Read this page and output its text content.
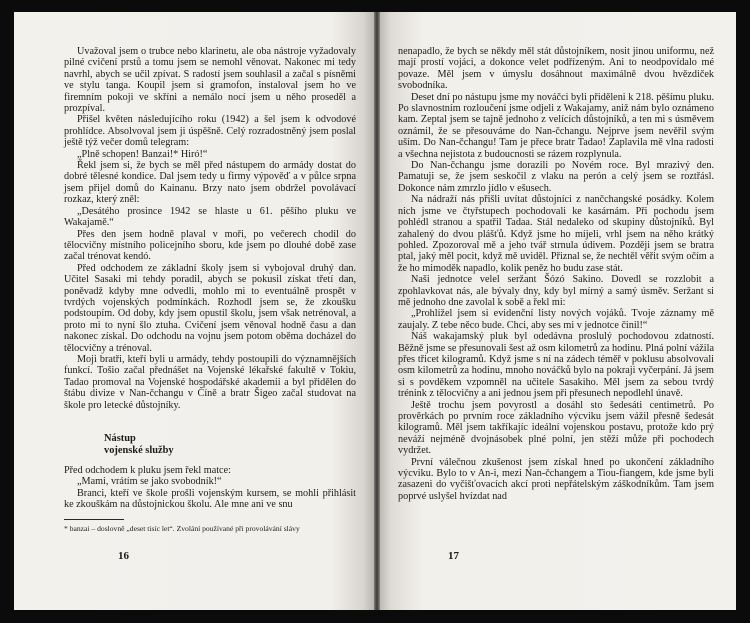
Uvažoval jsem o trubce nebo klarinetu, ale oba nástroje vyžadovaly pilné cvičení prstů a tomu jsem se nemohl věnovat. Nakonec mi tedy navrhl, abych se učil zpívat. S radostí jsem souhlasil a začal s písněmi ve stylu tanga. Koupil jsem si gramofon, instaloval jsem ho ve firemním pokoji ve skříni a nemálo nocí jsem u něho proseděl a prozpíval.

Přišel květen následujícího roku (1942) a šel jsem k odvodové prohlídce. Absolvoval jsem ji úspěšně. Celý rozradostněný jsem poslal ještě týž večer domů telegram:

„Plně schopen! Banzai!* Hiró!“

Řekl jsem si, že bych se měl před nástupem do armády dostat do dobré tělesné kondice. Dal jsem tedy u firmy výpověď a v půlce srpna jsem přijel domů do Kainanu. Brzy nato jsem obdržel povolávací rozkaz, který zněl:

„Desátého prosince 1942 se hlaste u 61. pěšího pluku ve Wakajamě.“

Přes den jsem hodně plaval v moři, po večerech chodil do tělocvičny místního policejního sboru, kde jsem po dlouhé době zase začal trénovat kendó.

Před odchodem ze základní školy jsem si vybojoval druhý dan. Učitel Sasaki mi tehdy poradil, abych se pokusil získat třetí dan, poněvadž kdyby mne odvedli, mohlo mi to eventuálně prospět v tvrdých vojenských podmínkách. Rozhodl jsem se, že zkoušku podstoupím. Od doby, kdy jsem opustil školu, jsem však netrénoval, a proto mi to nyní šlo ztuha. Cvičení jsem věnoval hodně času a dan nakonec získal. Do odchodu na vojnu jsem potom oběma docházel do tělocvičny a trénoval.

Moji bratři, kteří byli u armády, tehdy postoupili do významnějších funkcí. Tošio začal přednášet na Vojenské lékařské fakultě v Tokiu, Tadao promoval na Vojenské hospodářské akademii a byl přidělen do štábu divize v Nan-čchangu v Číně a bratr Šigeo začal studovat na škole pro letecké důstojníky.

Nástup
vojenské služby

Před odchodem k pluku jsem řekl matce:

„Mami, vrátím se jako svobodník!“

Branci, kteří ve škole prošli vojenským kursem, se mohli přihlásit ke zkouškám na důstojnickou školu. Ale mne ani ve snu

* banzai – doslovně „deset tisíc let“. Zvolání používané při provolávání slávy
16

nenapadlo, že bych se někdy měl stát důstojníkem, nosit jinou uniformu, než mají prostí vojáci, a dokonce velet podřízeným. Ani to neodpovídalo mé povaze. Měl jsem v úmyslu dosáhnout maximálně dvou hvězdiček svobodníka.

Deset dní po nástupu jsme my nováčci byli přiděleni k 218. pěšímu pluku. Po slavnostním rozloučení jsme odjeli z Wakajamy, aniž nám bylo oznámeno kam. Zeptal jsem se tajně jednoho z velících důstojníků, a ten mi s úsměvem oznámil, že se přesouváme do Nan-čchangu. Nejprve jsem nevěřil svým uším. Do Nan-čchangu! Tam je přece bratr Tadao! Zaplavila mě vlna radosti a všechna nejistota z budoucnosti se rázem rozplynula.

Do Nan-čchangu jsme dorazili po Novém roce. Byl mrazivý den. Pamatuji se, že jsem seskočil z vlaku na perón a celý jsem se roztřásl. Dokonce nám zmrzlo jídlo v ešusech.

Na nádraží nás přišli uvítat důstojníci z nančchangské posádky. Kolem nich jsme ve čtyřstupech pochodovali ke kasárnám. Při pochodu jsem pohlédl stranou a spatřil Tadaa. Stál nedaleko od skupiny důstojníků. Byl zahalený do dvou plášťů. Když jsme ho míjeli, vrhl jsem na něho krátký pohled. Zpozoroval mě a jeho tvář strnula údivem. Později jsem se bratra ptal, jaký měl pocit, když mě uviděl. Přiznal se, že nechtěl věřit svým očím a že ho mimoděk napadlo, kolik peněz ho budu zase stát.

Naši jednotce velel seržant Šózó Sakino. Dovedl se rozzlobit a zpohlavkovat nás, ale bývaly dny, kdy byl mírný a samý úsměv. Seržant si mě jednoho dne zavolal k sobě a řekl mi:

„Prohlížel jsem si evidenční listy nových vojáků. Tvoje záznamy mě zaujaly. Z tebe něco bude. Chci, aby ses mi v jednotce činil!“

Náš wakajamský pluk byl odedávna proslulý pochodovou zdatností. Běžně jsme se přesunovali šest až osm kilometrů za hodinu. Plná polní vážila přes třicet kilogramů. Když jsme s ní na zádech téměř v poklusu absolvovali osm kilometrů za hodinu, mnoho nováčků bylo na pokraji vyčerpání. Já jsem si s povděkem vzpomněl na učitele Sasakiho. Měl jsem za sebou tvrdý trénink z tělocvičny a ani jednou jsem při přesunech nepodlehl únavě.

Ještě trochu jsem povyrostl a dosáhl sto šedesáti centimetrů. Po prověrkách po prvním roce základního výcviku jsem vážil přesně šedesát kilogramů. Měl jsem takříkajíc ideální vojenskou postavu, protože kdo prý neváží nejméně dvojnásobek plné polní, jen stěží může při pochodech vydržet.

První válečnou zkušenost jsem získal hned po ukončení základního výcviku. Bylo to v An-i, mezi Nan-čchangem a Tiou-fiangem, kde jsme byli zasazeni do vyčišťovacích akcí proti nepřátelským záškodníkům. Tam jsem poprvé uslyšel hvízdat nad

17
